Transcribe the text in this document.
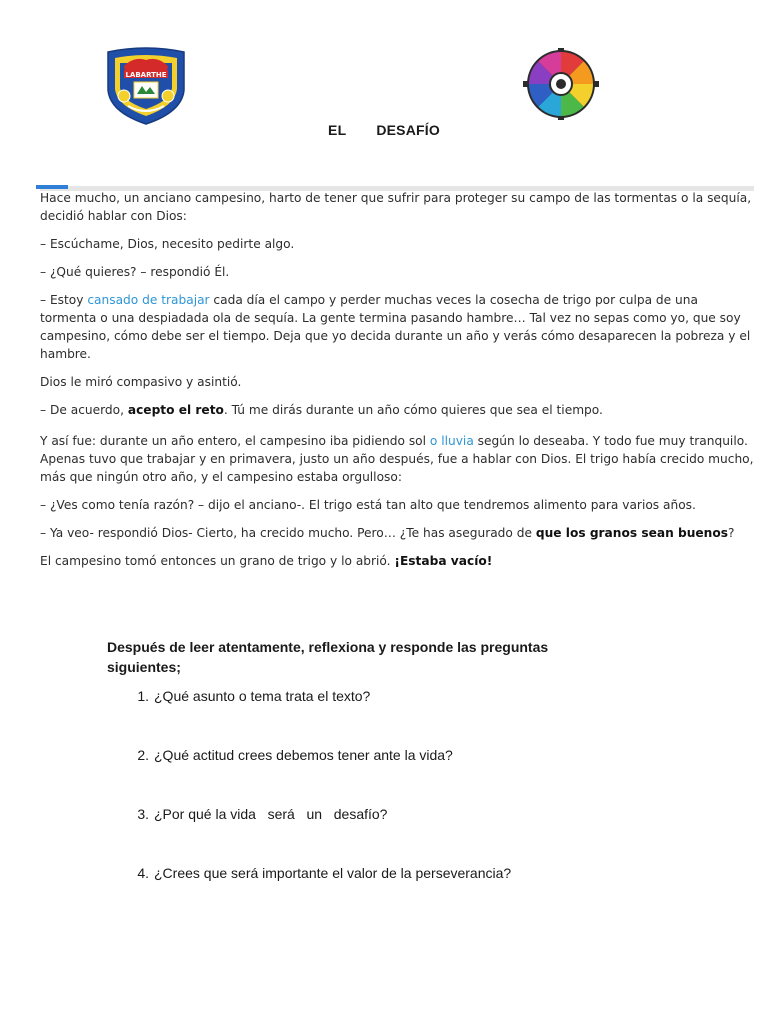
LABARTHE
EL DESAFÍO

Hace mucho, un anciano campesino, harto de tener que sufrir para proteger su campo de las tormentas o la sequía, decidió hablar con Dios:

– Escúchame, Dios, necesito pedirte algo.

– ¿Qué quieres? – respondió Él.

– Estoy cansado de trabajar cada día el campo y perder muchas veces la cosecha de trigo por culpa de una tormenta o una despiadada ola de sequía. La gente termina pasando hambre… Tal vez no sepas como yo, que soy campesino, cómo debe ser el tiempo. Deja que yo decida durante un año y verás cómo desaparecen la pobreza y el hambre.

Dios le miró compasivo y asintió.

– De acuerdo, acepto el reto. Tú me dirás durante un año cómo quieres que sea el tiempo.

Y así fue: durante un año entero, el campesino iba pidiendo sol o lluvia según lo deseaba. Y todo fue muy tranquilo. Apenas tuvo que trabajar y en primavera, justo un año después, fue a hablar con Dios. El trigo había crecido mucho, más que ningún otro año, y el campesino estaba orgulloso:

– ¿Ves como tenía razón? – dijo el anciano-. El trigo está tan alto que tendremos alimento para varios años.

– Ya veo- respondió Dios- Cierto, ha crecido mucho. Pero… ¿Te has asegurado de que los granos sean buenos?

El campesino tomó entonces un grano de trigo y lo abrió. ¡Estaba vacío!

Después de leer atentamente, reflexiona y responde las preguntas siguientes;
1. ¿Qué asunto o tema trata el texto?
2. ¿Qué actitud crees debemos tener ante la vida?
3. ¿Por qué la vida   será   un   desafío?
4. ¿Crees que será importante el valor de la perseverancia?
